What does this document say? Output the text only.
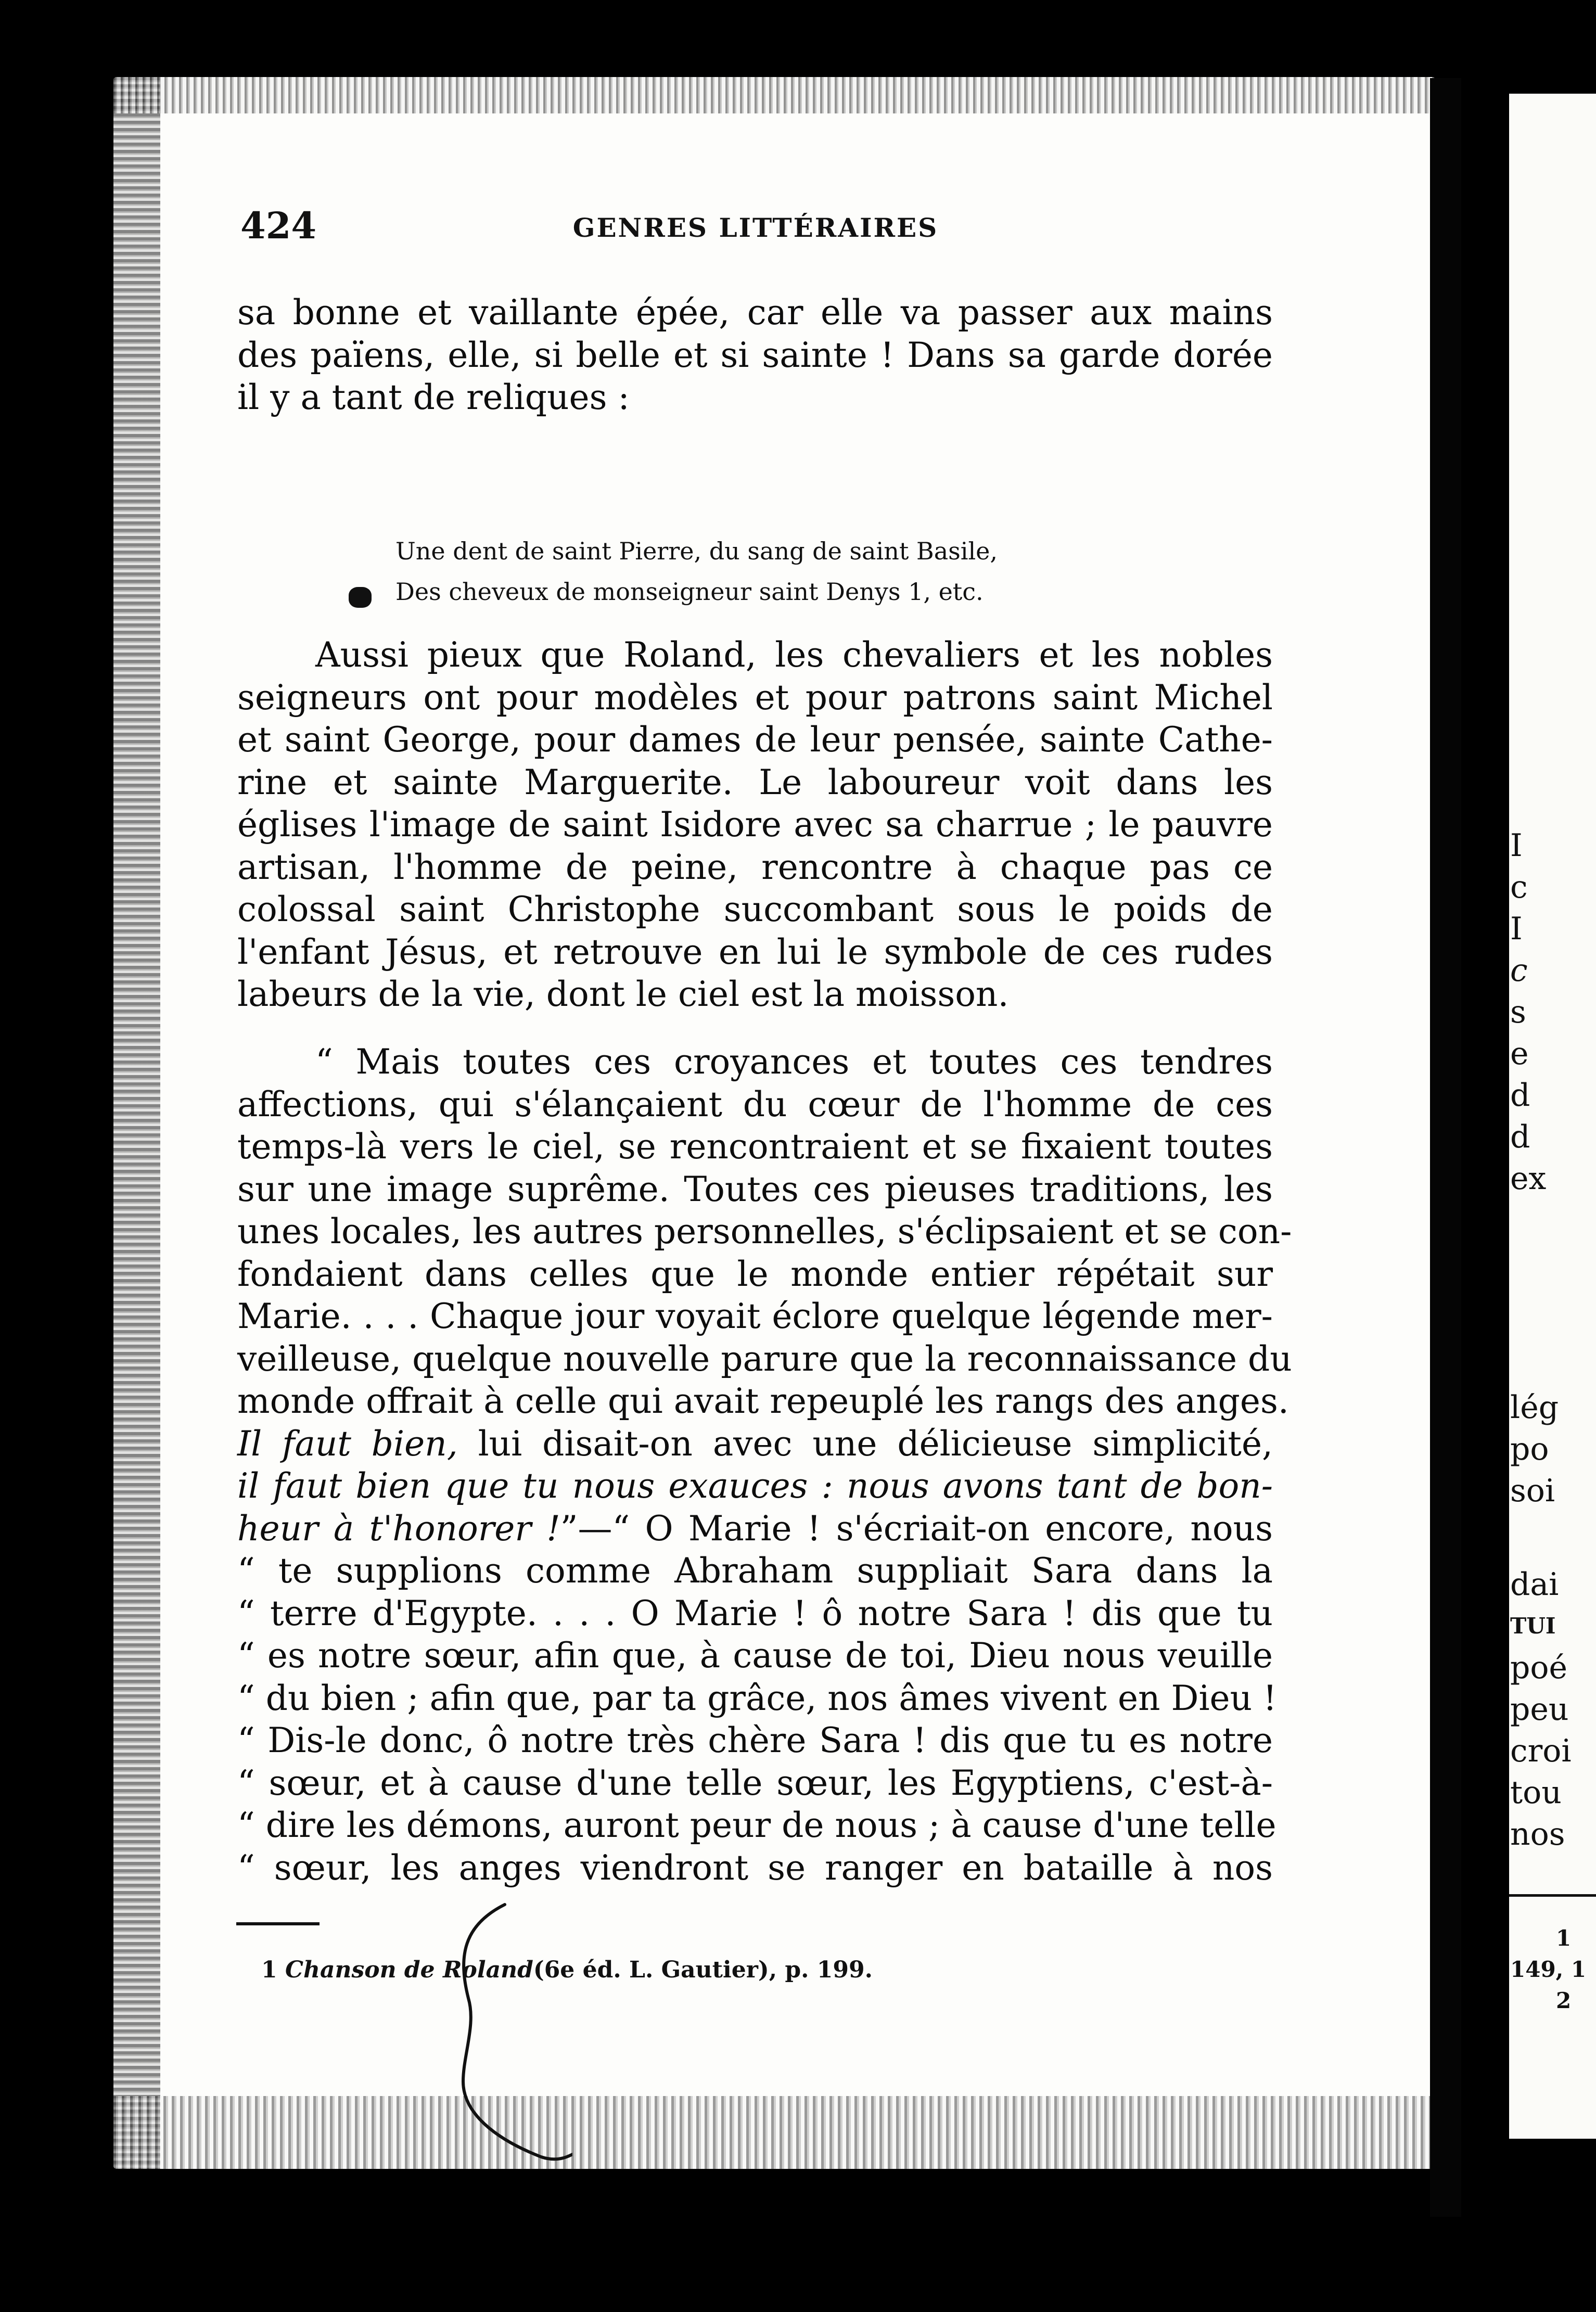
424	GENRES LITTÉRAIRES
sa bonne et vaillante épée, car elle va passer aux mains
des païens, elle, si belle et si sainte ! Dans sa garde dorée
il y a tant de reliques :
Une dent de saint Pierre, du sang de saint Basile,
Des cheveux de monseigneur saint Denys 1, etc.
Aussi pieux que Roland, les chevaliers et les nobles
seigneurs ont pour modèles et pour patrons saint Michel
et saint George, pour dames de leur pensée, sainte Cathe-
rine et sainte Marguerite. Le laboureur voit dans les
églises l'image de saint Isidore avec sa charrue ; le pauvre
artisan, l'homme de peine, rencontre à chaque pas ce
colossal saint Christophe succombant sous le poids de
l'enfant Jésus, et retrouve en lui le symbole de ces rudes
labeurs de la vie, dont le ciel est la moisson.
“ Mais toutes ces croyances et toutes ces tendres
affections, qui s'élançaient du cœur de l'homme de ces
temps-là vers le ciel, se rencontraient et se fixaient toutes
sur une image suprême. Toutes ces pieuses traditions, les
unes locales, les autres personnelles, s'éclipsaient et se con-
fondaient dans celles que le monde entier répétait sur
Marie. . . . Chaque jour voyait éclore quelque légende mer-
veilleuse, quelque nouvelle parure que la reconnaissance du
monde offrait à celle qui avait repeuplé les rangs des anges.
Il faut bien, lui disait-on avec une délicieuse simplicité,
il faut bien que tu nous exauces : nous avons tant de bon-
heur à t'honorer !”—“ O Marie ! s'écriait-on encore, nous
“ te supplions comme Abraham suppliait Sara dans la
“ terre d'Egypte. . . . O Marie ! ô notre Sara ! dis que tu
“ es notre sœur, afin que, à cause de toi, Dieu nous veuille
“ du bien ; afin que, par ta grâce, nos âmes vivent en Dieu !
“ Dis-le donc, ô notre très chère Sara ! dis que tu es notre
“ sœur, et à cause d'une telle sœur, les Egyptiens, c'est-à-
“ dire les démons, auront peur de nous ; à cause d'une telle
“ sœur, les anges viendront se ranger en bataille à nos
1 Chanson de Roland(6e éd. L. Gautier), p. 199.
I
c
I
c
s
e
d
d
ex
lég
po
soi
dai
TUI
poé
peu
croi
tou
nos
1
149, 1
2
